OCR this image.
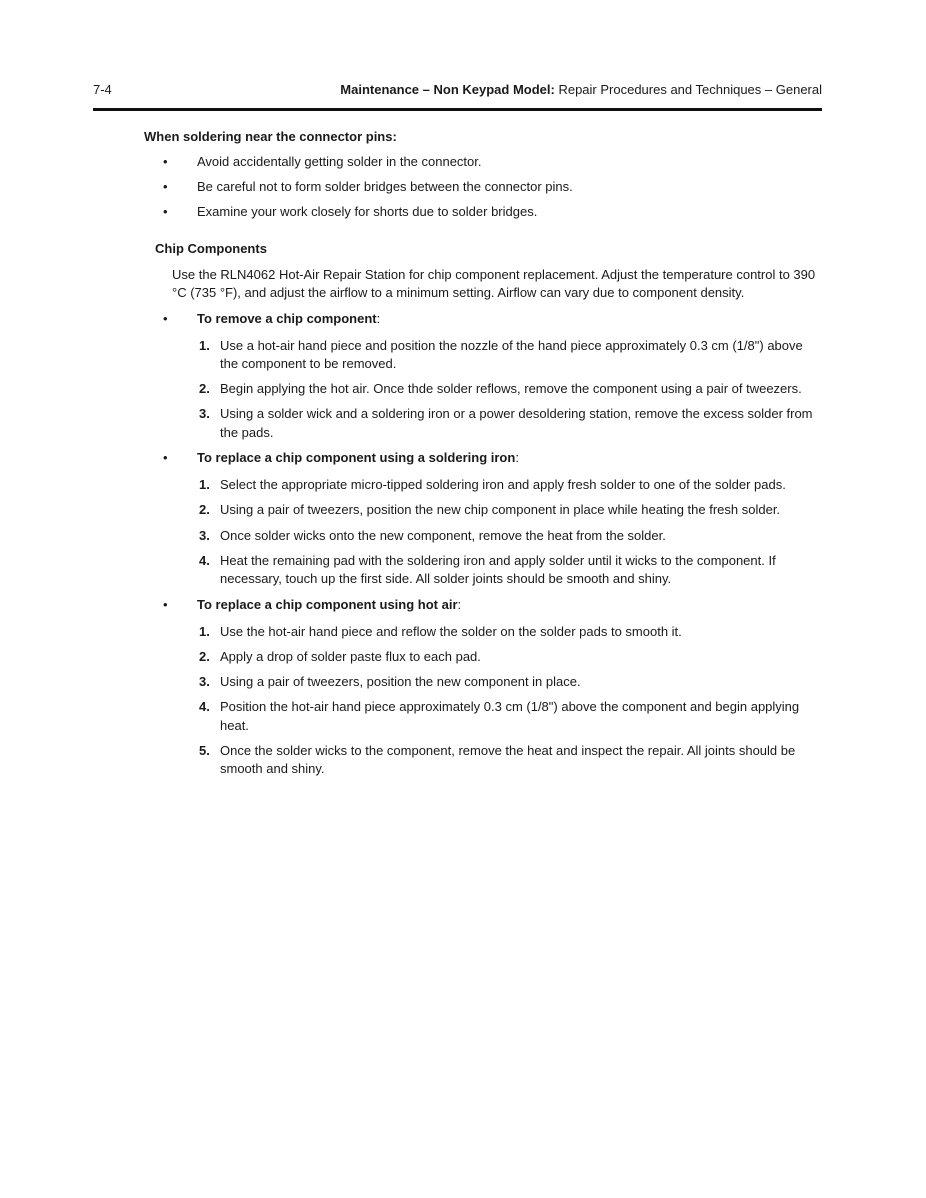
7-4	Maintenance – Non Keypad Model: Repair Procedures and Techniques – General
When soldering near the connector pins:
•	Avoid accidentally getting solder in the connector.
•	Be careful not to form solder bridges between the connector pins.
•	Examine your work closely for shorts due to solder bridges.
Chip Components

Use the RLN4062 Hot-Air Repair Station for chip component replacement. Adjust the temperature control to 390 °C (735 °F), and adjust the airflow to a minimum setting. Airflow can vary due to component density.

•	To remove a chip component:
1. Use a hot-air hand piece and position the nozzle of the hand piece approximately 0.3 cm (1/8") above the component to be removed.
2. Begin applying the hot air. Once thde solder reflows, remove the component using a pair of tweezers.
3. Using a solder wick and a soldering iron or a power desoldering station, remove the excess solder from the pads.
•	To replace a chip component using a soldering iron:
1. Select the appropriate micro-tipped soldering iron and apply fresh solder to one of the solder pads.
2. Using a pair of tweezers, position the new chip component in place while heating the fresh solder.
3. Once solder wicks onto the new component, remove the heat from the solder.
4. Heat the remaining pad with the soldering iron and apply solder until it wicks to the component. If necessary, touch up the first side. All solder joints should be smooth and shiny.
•	To replace a chip component using hot air:
1. Use the hot-air hand piece and reflow the solder on the solder pads to smooth it.
2. Apply a drop of solder paste flux to each pad.
3. Using a pair of tweezers, position the new component in place.
4. Position the hot-air hand piece approximately 0.3 cm (1/8") above the component and begin applying heat.
5. Once the solder wicks to the component, remove the heat and inspect the repair. All joints should be smooth and shiny.
